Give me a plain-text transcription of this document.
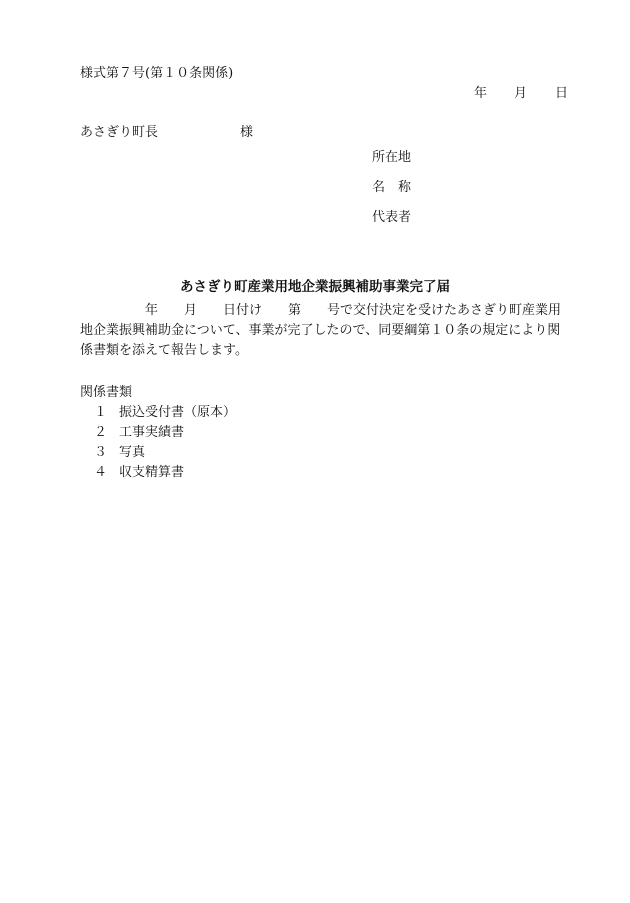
様式第７号(第１０条関係)
年 月 日
あさぎり町長	様
所在地
名　称
代表者
あさぎり町産業用地企業振興補助事業完了届
　　　　　年　　月　　日付け　　第　　号で交付決定を受けたあさぎり町産業用
地企業振興補助金について、事業が完了したので、同要綱第１０条の規定により関
係書類を添えて報告します。
関係書類
１ 振込受付書（原本）
２ 工事実績書
３ 写真
４ 収支精算書
